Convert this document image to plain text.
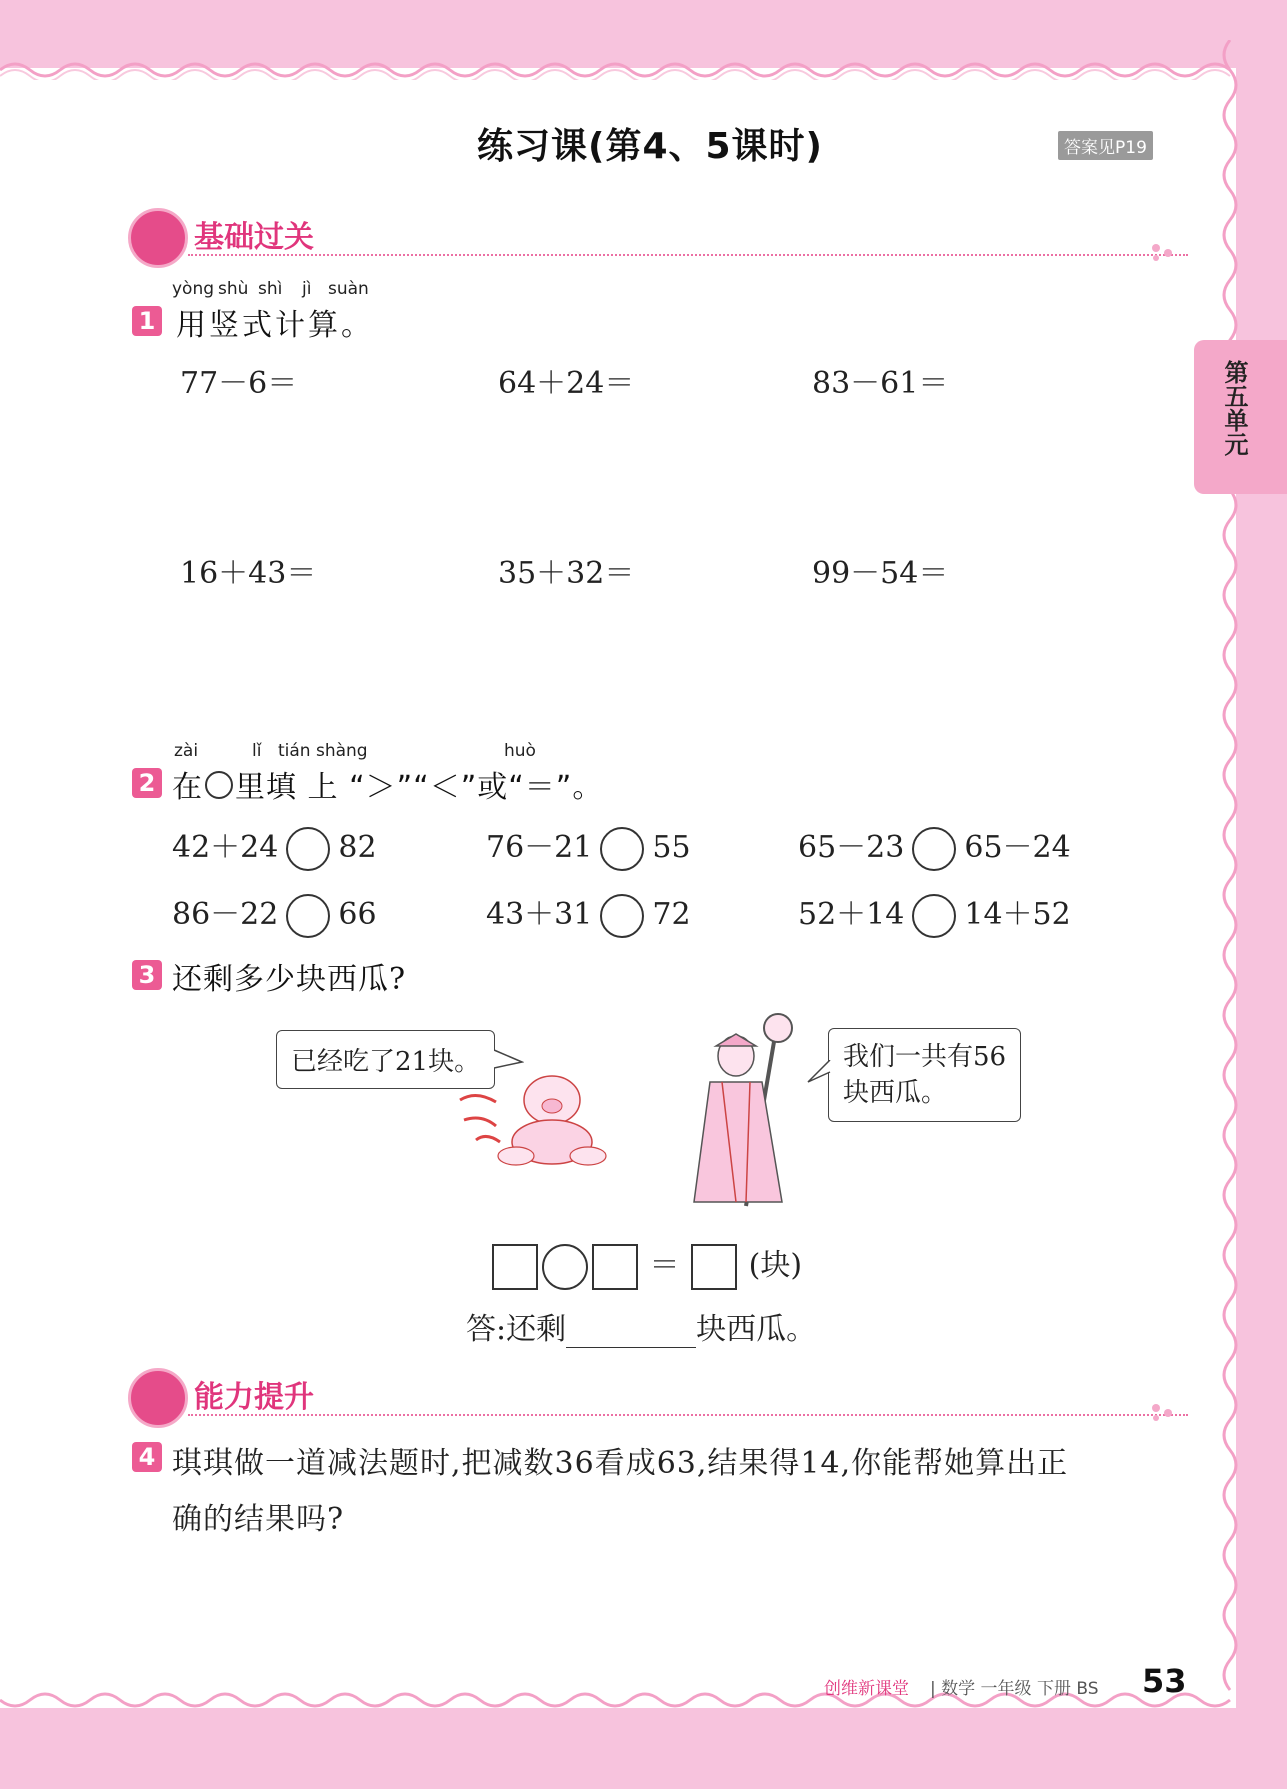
练习课(第4、5课时)	答案见P19
第五单元
基础过关
1
yòng shù shì jì suàn
用竖式计算。
77－6＝	64＋24＝	83－61＝
16＋43＝	35＋32＝	99－54＝
zài	lǐ tián shàng	huò
2 在 里填 上 “＞”“＜”或“＝”。
42＋24 82	76－21 55	65－23 65－24
86－22 66	43＋31 72	52＋14 14＋52
3 还剩多少块西瓜?
已经吃了21块。	我们一共有56
块西瓜。
＝ (块)
答:还剩	块西瓜。
能力提升
4 琪琪做一道减法题时,把减数36看成63,结果得14,你能帮她算出正
确的结果吗?
创维新课堂 | 数学 一年级 下册 BS 53
